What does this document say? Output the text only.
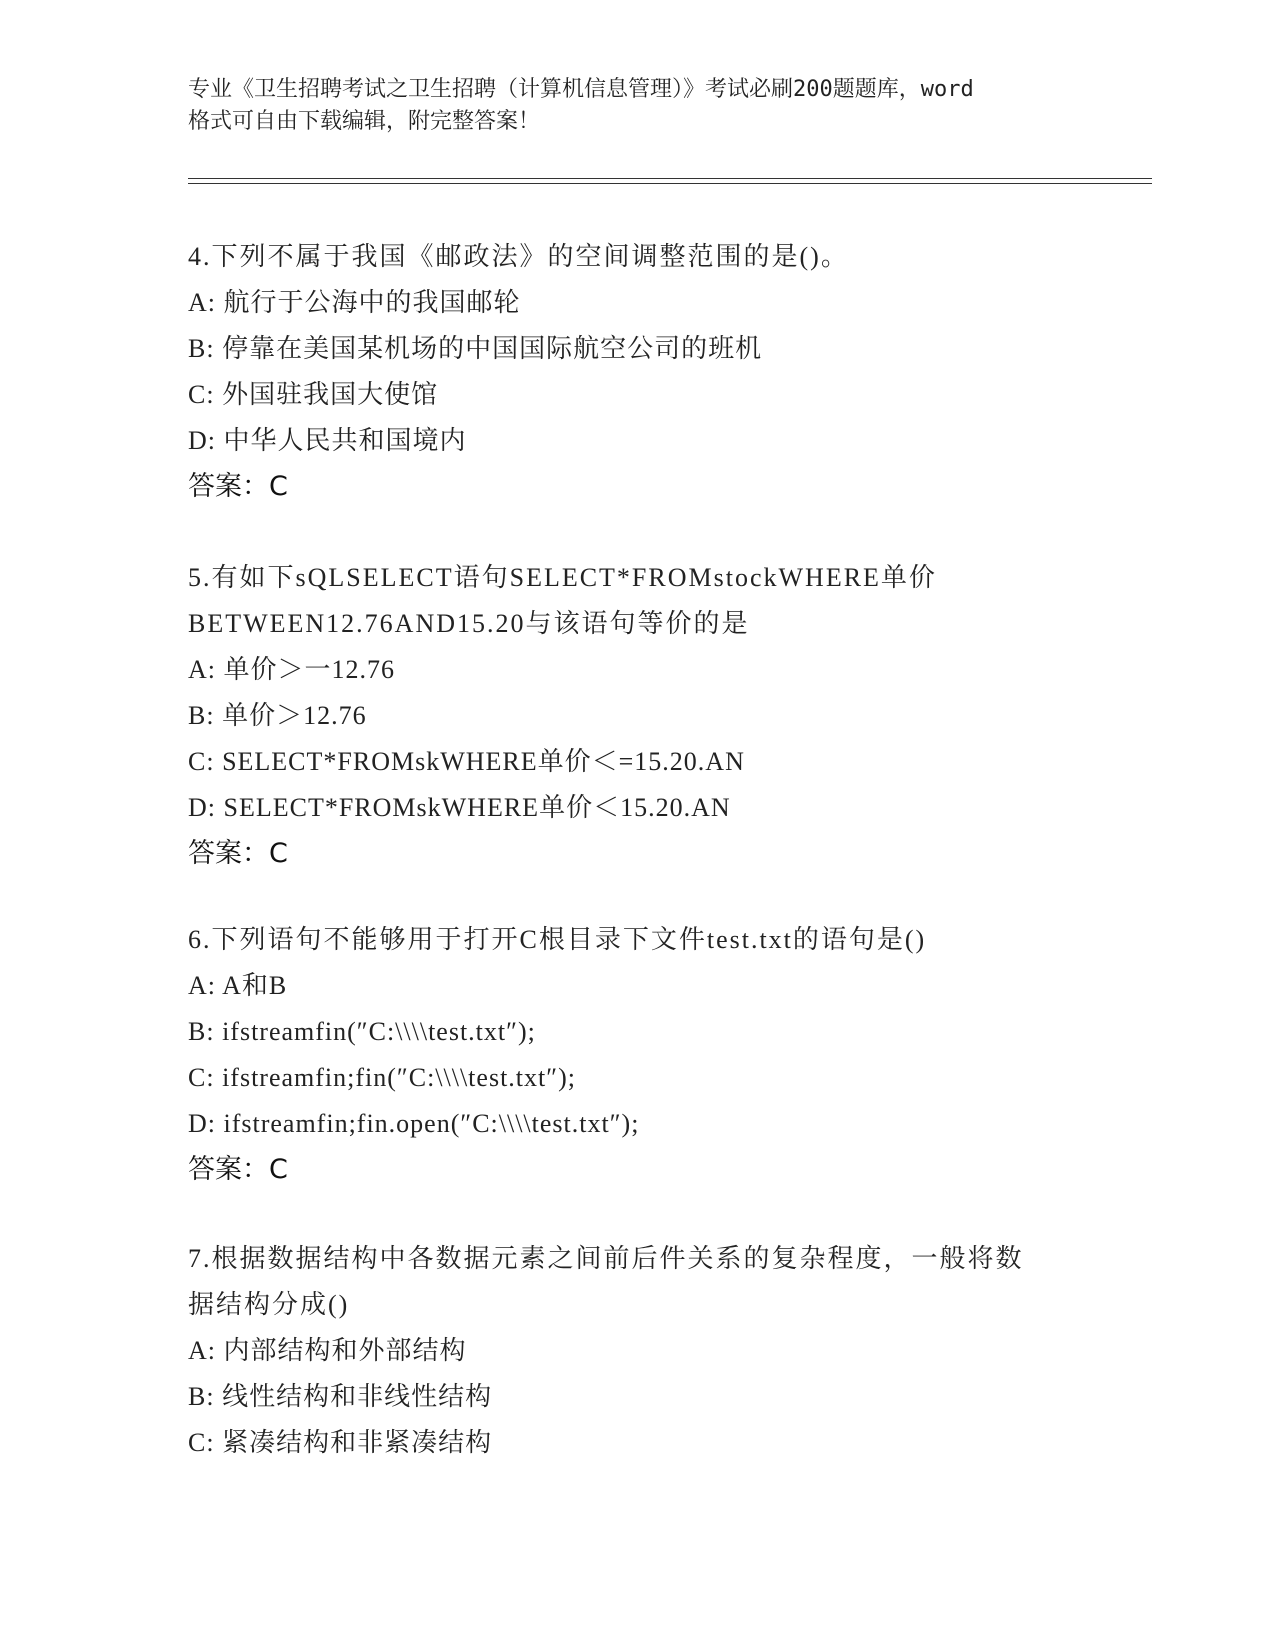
专业《卫生招聘考试之卫生招聘（计算机信息管理）》考试必刷200题题库，word
格式可自由下载编辑，附完整答案！
4.下列不属于我国《邮政法》的空间调整范围的是()。
A: 航行于公海中的我国邮轮
B: 停靠在美国某机场的中国国际航空公司的班机
C: 外国驻我国大使馆
D: 中华人民共和国境内
答案：C
5.有如下sQLSELECT语句SELECT*FROMstockWHERE单价
BETWEEN12.76AND15.20与该语句等价的是
A: 单价＞一12.76
B: 单价＞12.76
C: SELECT*FROMskWHERE单价＜=15.20.AN
D: SELECT*FROMskWHERE单价＜15.20.AN
答案：C
6.下列语句不能够用于打开C根目录下文件test.txt的语句是()
A: A和B
B: ifstreamfin(″C:\\\\test.txt″);
C: ifstreamfin;fin(″C:\\\\test.txt″);
D: ifstreamfin;fin.open(″C:\\\\test.txt″);
答案：C
7.根据数据结构中各数据元素之间前后件关系的复杂程度，一般将数
据结构分成()
A: 内部结构和外部结构
B: 线性结构和非线性结构
C: 紧凑结构和非紧凑结构
